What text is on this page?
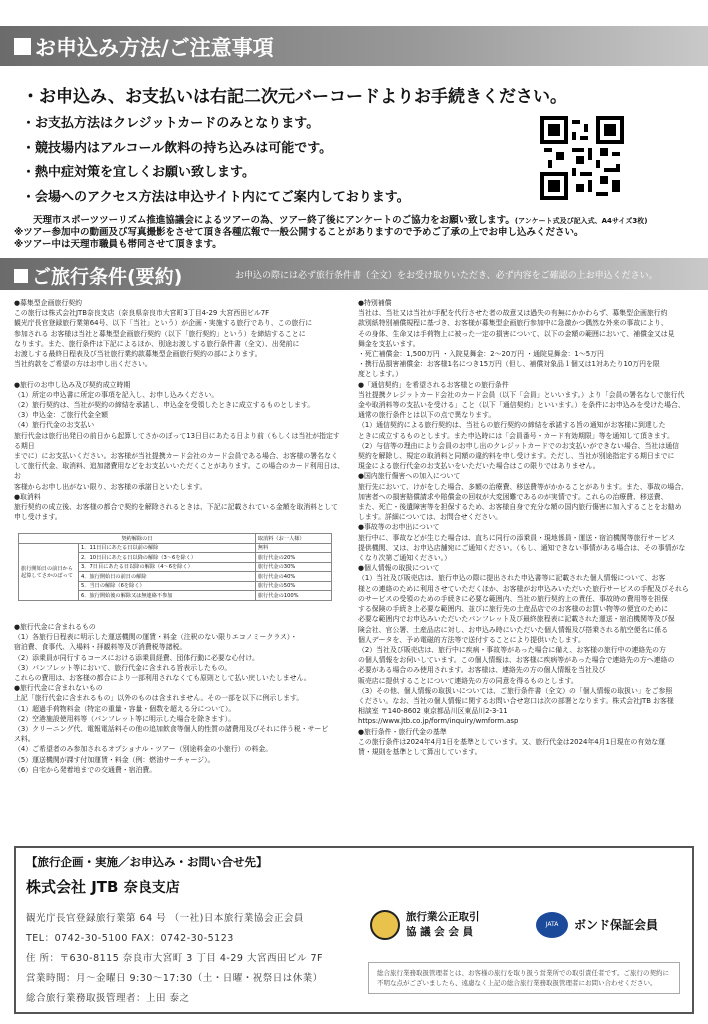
お申込み方法/ご注意事項
・お申込み、お支払いは右記二次元バーコードよりお手続きください。
・お支払方法はクレジットカードのみとなります。
・競技場内はアルコール飲料の持ち込みは可能です。
・熱中症対策を宜しくお願い致します。
・会場へのアクセス方法は申込サイト内にてご案内しております。
天理市スポーツツーリズム推進協議会によるツアーの為、ツアー終了後にアンケートのご協力をお願い致します。(アンケート式及び記入式、A4サイズ3枚)
※ツアー参加中の動画及び写真撮影をさせて頂き各種広報で一般公開することがありますので予めご了承の上でお申し込みください。
※ツアー中は天理市職員も帯同させて頂きます。
ご旅行条件(要約)	お申込の際には必ず旅行条件書（全文）をお受け取りいただき、必ず内容をご確認の上お申込ください。

●募集型企画旅行契約

この旅行は株式会社JTB奈良支店（奈良県奈良市大宮町3丁目4-29 大宮西田ビル7F

観光庁長官登録旅行業第64号、以下「当社」という）が企画・実施する旅行であり、この旅行に

参加される お客様は当社と募集型企画旅行契約（以下「旅行契約」という）を締結することに

なります。また、旅行条件は下記によるほか、別途お渡しする旅行条件書（全文）、出発前に

お渡しする最終日程表及び当社旅行業約款募集型企画旅行契約の部によります。

当社約款をご希望の方はお申し出ください。

●旅行のお申し込み及び契約成立時期

（1）所定の申込書に所定の事項を記入し、お申し込みください。

（2）旅行契約は、当社が契約の締結を承諾し、申込金を受領したときに成立するものとします。

（3）申込金：ご旅行代金全額

（4）旅行代金のお支払い

旅行代金は旅行出発日の前日から起算してさかのぼって13日目にあたる日より前（もしくは当社が指定する期日

までに）にお支払いください。お客様が当社提携カード会社のカード会員である場合、お客様の署名なく

して旅行代金、取消料、追加諸費用などをお支払いいただくことがあります。この場合のカード利用日は、お

客様からお申し出がない限り、お客様の承諾日といたします。

●取消料

旅行契約の成立後、お客様の都合で契約を解除されるときは、下記に記載されている金額を取消料として

申し受けます。

契約解除の日		取消料（お一人様）
旅行開始日の前日から起算してさかのぼって	1．11日目にあたる日以前の解除	無料
	2．10日目にあたる日以降の解除（3～6を除く）	旅行代金の20%
	3．7日目にあたる日以降の解除（4～6を除く）	旅行代金の30%
	4．旅行開始日の前日の解除	旅行代金の40%
	5．当日の解除（6を除く）	旅行代金の50%
	6．旅行開始後の解除又は無連絡不参加	旅行代金の100%

●旅行代金に含まれるもの

（1）各旅行日程表に明示した運送機関の運賃・料金（注釈のない限りエコノミークラス）・

宿泊費、食事代、入場料・拝観料等及び消費税等諸税。

（2）添乗員が同行するコースにおける添乗員経費、団体行動に必要な心付け。

（3）パンフレット等において、旅行代金に含まれる旨表示したもの。

これらの費用は、お客様の都合により一部利用されなくても原則として払い戻しいたしません。

●旅行代金に含まれないもの

上記「旅行代金に含まれるもの」以外のものは含まれません。その一部を以下に例示します。

（1）超過手荷物料金（特定の重量・容量・個数を超える分について）。

（2）空港施設使用料等（パンフレット等に明示した場合を除きます）。

（3）クリーニング代、電報電話料その他の追加飲食等個人的性質の諸費用及びそれに伴う税・サービ

ス料。

（4）ご希望者のみ参加されるオプショナル・ツアー（別途料金の小旅行）の料金。

（5）運送機関が課す付加運賃・料金（例：燃油サーチャージ）。

（6）自宅から発着地までの交通費・宿泊費。

●特別補償

当社は、当社又は当社が手配を代行させた者の故意又は過失の有無にかかわらず、募集型企画旅行約

款別紙特別補償規程に基づき、お客様が募集型企画旅行参加中に急激かつ偶然な外来の事故により、

その身体、生命又は手荷物上に被った一定の損害について、以下の金額の範囲において、補償金又は見

舞金を支払います。

・死亡補償金：1,500万円 ・入院見舞金：2～20万円 ・通院見舞金：1～5万円

・携行品損害補償金：お客様1名につき15万円（但し、補償対象品１個又は1対あたり10万円を限

度とします。）

●「通信契約」を希望されるお客様との旅行条件

当社提携クレジットカード会社のカード会員（以下「会員」といいます。）より「会員の署名なしで旅行代

金や取消料等の支払いを受ける」こと（以下「通信契約」といいます。）を条件にお申込みを受けた場合、

通常の旅行条件とは以下の点で異なります。

（1）通信契約による旅行契約は、当社らの旅行契約の締結を承諾する旨の通知がお客様に到達した

ときに成立するものとします。また申込時には「会員番号・カード有効期限」等を通知して頂きます。

（2）与信等の理由により会員のお申し出のクレジットカードでのお支払いができない場合、当社は通信

契約を解除し、規定の取消料と同額の違約料を申し受けます。ただし、当社が別途指定する期日までに

現金による旅行代金のお支払いをいただいた場合はこの限りではありません。

●国内旅行傷害への加入について

旅行先において、けがをした場合、多額の治療費、移送費等がかかることがあります。また、事故の場合、

加害者への損害賠償請求や賠償金の回収が大変困難であるのが実情です。これらの治療費、移送費、

また、死亡・後遺障害等を担保するため、お客様自身で充分な額の国内旅行傷害に加入することをお勧め

します。詳細については、お問合せください。

●事故等のお申出について

旅行中に、事故などが生じた場合は、直ちに同行の添乗員・現地係員・運送・宿泊機関等旅行サービス

提供機関、又は、お申込店舗宛にご通知ください。（もし、通知できない事情がある場合は、その事情がな

くなり次第ご通知ください。）

●個人情報の取扱について

（1）当社及び販売店は、旅行申込の際に提出された申込書等に記載された個人情報について、お客

様との連絡のために利用させていただくほか、お客様がお申込みいただいた旅行サービスの手配及びそれら

のサービスの受領のための手続きに必要な範囲内、当社の旅行契約上の責任、事故時の費用等を担保

する保険の手続き上必要な範囲内、並びに旅行先の土産品店でのお客様のお買い物等の便宜のために

必要な範囲内でお申込みいただいたパンフレット及び最終旅程表に記載された運送・宿泊機関等及び保

険会社、官公署、土産品店に対し、お申込み時にいただいた個人情報及び搭乗される航空便名に係る

個人データを、予め電磁的方法等で送付することにより提供いたします。

（2）当社及び販売店は、旅行中に疾病・事故等があった場合に備え、お客様の旅行中の連絡先の方

の個人情報をお伺いしています。この個人情報は、お客様に疾病等があった場合で連絡先の方へ連絡の

必要がある場合のみ使用されます。お客様は、連絡先の方の個人情報を当社及び

販売店に提供することについて連絡先の方の同意を得るものとします。

（3）その他、個人情報の取扱いについては、ご旅行条件書（全文）の「個人情報の取扱い」をご参照

ください。なお、当社の個人情報に関するお問い合せ窓口は次の部署となります。株式会社JTB お客様

相談室 〒140-8602 東京都品川区東品川2-3-11

https://www.jtb.co.jp/form/inquiry/wmform.asp

●旅行条件・旅行代金の基準

この旅行条件は2024年4月1日を基準としています。又、旅行代金は2024年4月1日現在の有効な運

賃・規則を基準として算出しています。

【旅行企画・実施／お申込み・お問い合せ先】
株式会社 JTB 奈良支店
観光庁長官登録旅行業第 64 号 （一社)日本旅行業協会正会員
TEL：0742-30-5100 FAX：0742-30-5123
住 所：〒630-8115 奈良市大宮町 3 丁目 4-29 大宮西田ビル 7F
営業時間：月～金曜日 9:30～17:30（土・日曜・祝祭日は休業）
総合旅行業務取扱管理者：上田 泰之
旅行業公正取引
協 議 会 会 員
JATA	ボンド保証会員
総合旅行業務取扱管理者とは、お客様の旅行を取り扱う営業所での取引責任者です。ご旅行の契約に不明な点がございましたら、遠慮なく上記の総合旅行業務取扱管理者にお問い合わせください。
